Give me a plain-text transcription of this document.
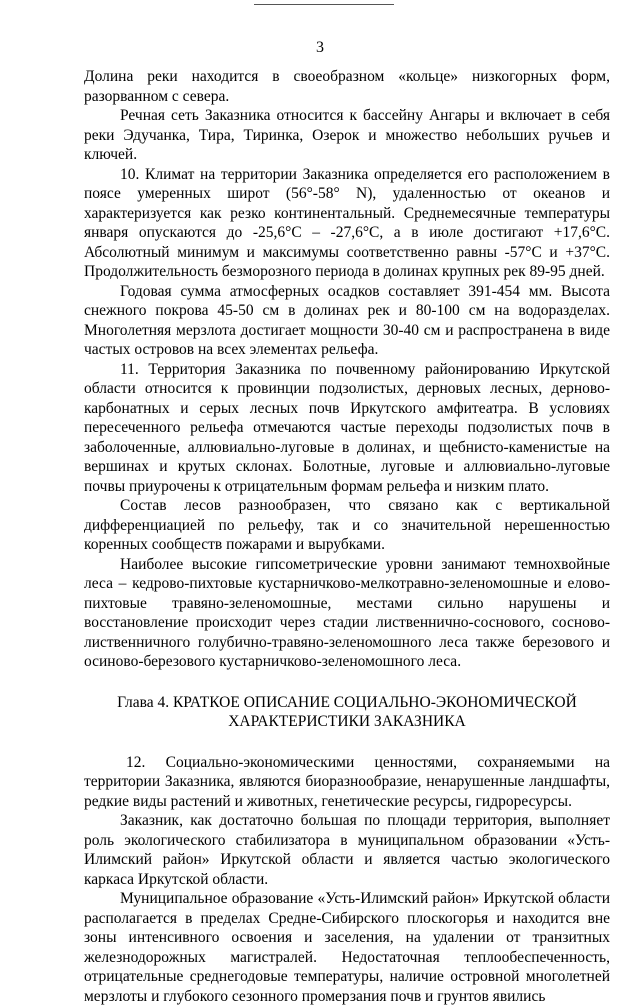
3

Долина реки находится в своеобразном «кольце» низкогорных форм, разорванном с севера.

Речная сеть Заказника относится к бассейну Ангары и включает в себя реки Эдучанка, Тира, Тиринка, Озерок и множество небольших ручьев и ключей.

10. Климат на территории Заказника определяется его расположением в поясе умеренных широт (56°-58° N), удаленностью от океанов и характеризуется как резко континентальный. Среднемесячные температуры января опускаются до -25,6°С – -27,6°С, а в июле достигают +17,6°С. Абсолютный минимум и максимумы соответственно равны -57°С и +37°С. Продолжительность безморозного периода в долинах крупных рек 89-95 дней.

Годовая сумма атмосферных осадков составляет 391-454 мм. Высота снежного покрова 45-50 см в долинах рек и 80-100 см на водоразделах. Многолетняя мерзлота достигает мощности 30-40 см и распространена в виде частых островов на всех элементах рельефа.

11. Территория Заказника по почвенному районированию Иркутской области относится к провинции подзолистых, дерновых лесных, дерново-карбонатных и серых лесных почв Иркутского амфитеатра. В условиях пересеченного рельефа отмечаются частые переходы подзолистых почв в заболоченные, аллювиально-луговые в долинах, и щебнисто-каменистые на вершинах и крутых склонах. Болотные, луговые и аллювиально-луговые почвы приурочены к отрицательным формам рельефа и низким плато.

Состав лесов разнообразен, что связано как с вертикальной дифференциацией по рельефу, так и со значительной нерешенностью коренных сообществ пожарами и вырубками.

Наиболее высокие гипсометрические уровни занимают темнохвойные леса – кедрово-пихтовые кустарничково-мелкотравно-зеленомошные и елово-пихтовые травяно-зеленомошные, местами сильно нарушены и восстановление происходит через стадии лиственнично-соснового, сосново-лиственничного голубично-травяно-зеленомошного леса также березового и осиново-березового кустарничково-зеленомошного леса.

Глава 4. КРАТКОЕ ОПИСАНИЕ СОЦИАЛЬНО-ЭКОНОМИЧЕСКОЙ
ХАРАКТЕРИСТИКИ ЗАКАЗНИКА

12. Социально-экономическими ценностями, сохраняемыми на территории Заказника, являются биоразнообразие, ненарушенные ландшафты, редкие виды растений и животных, генетические ресурсы, гидроресурсы.

Заказник, как достаточно большая по площади территория, выполняет роль экологического стабилизатора в муниципальном образовании «Усть-Илимский район» Иркутской области и является частью экологического каркаса Иркутской области.

Муниципальное образование «Усть-Илимский район» Иркутской области располагается в пределах Средне-Сибирского плоскогорья и находится вне зоны интенсивного освоения и заселения, на удалении от транзитных железнодорожных магистралей. Недостаточная теплообеспеченность, отрицательные среднегодовые температуры, наличие островной многолетней мерзлоты и глубокого сезонного промерзания почв и грунтов явились
